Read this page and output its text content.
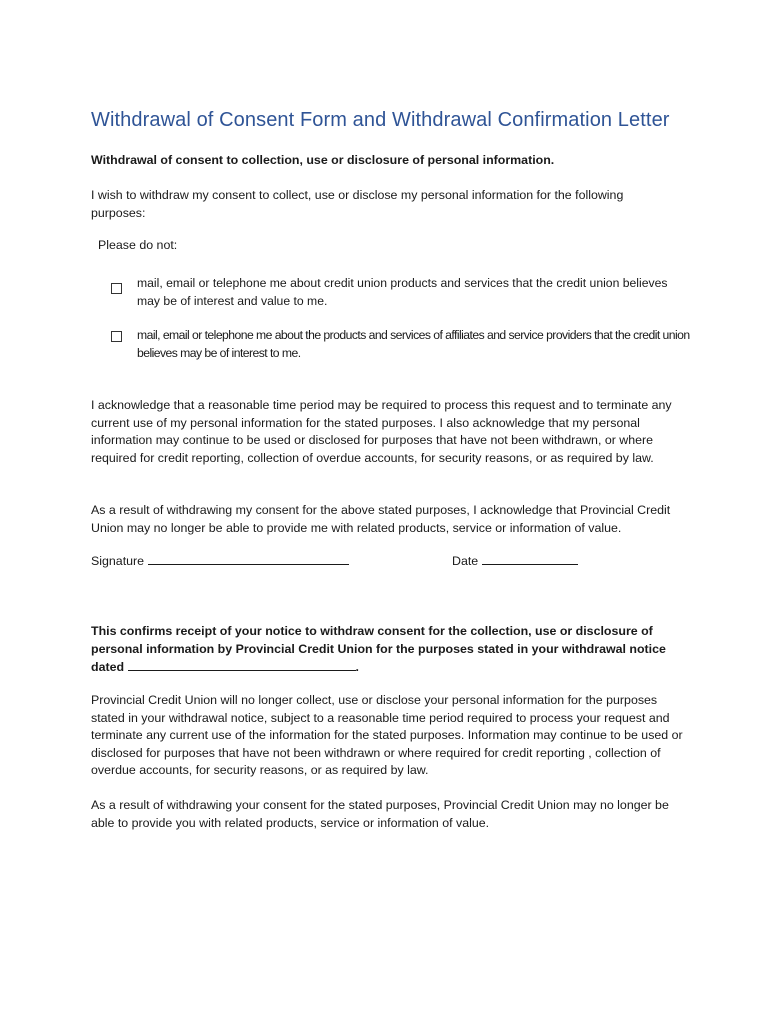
Withdrawal of Consent Form and Withdrawal Confirmation Letter

Withdrawal of consent to collection, use or disclosure of personal information.

I wish to withdraw my consent to collect, use or disclose my personal information for the following purposes:

Please do not:

mail, email or telephone me about credit union products and services that the credit union believes may be of interest and value to me.

mail, email or telephone me about the products and services of affiliates and service providers that the credit union believes may be of interest to me.

I acknowledge that a reasonable time period may be required to process this request and to terminate any current use of my personal information for the stated purposes. I also acknowledge that my personal information may continue to be used or disclosed for purposes that have not been withdrawn, or where required for credit reporting, collection of overdue accounts, for security reasons, or as required by law.

As a result of withdrawing my consent for the above stated purposes, I acknowledge that Provincial Credit Union may no longer be able to provide me with related products, service or information of value.

Signature	Date

This confirms receipt of your notice to withdraw consent for the collection, use or disclosure of personal information by Provincial Credit Union for the purposes stated in your withdrawal notice dated	.

Provincial Credit Union will no longer collect, use or disclose your personal information for the purposes stated in your withdrawal notice, subject to a reasonable time period required to process your request and terminate any current use of the information for the stated purposes. Information may continue to be used or disclosed for purposes that have not been withdrawn or where required for credit reporting , collection of overdue accounts, for security reasons, or as required by law.

As a result of withdrawing your consent for the stated purposes, Provincial Credit Union may no longer be able to provide you with related products, service or information of value.
